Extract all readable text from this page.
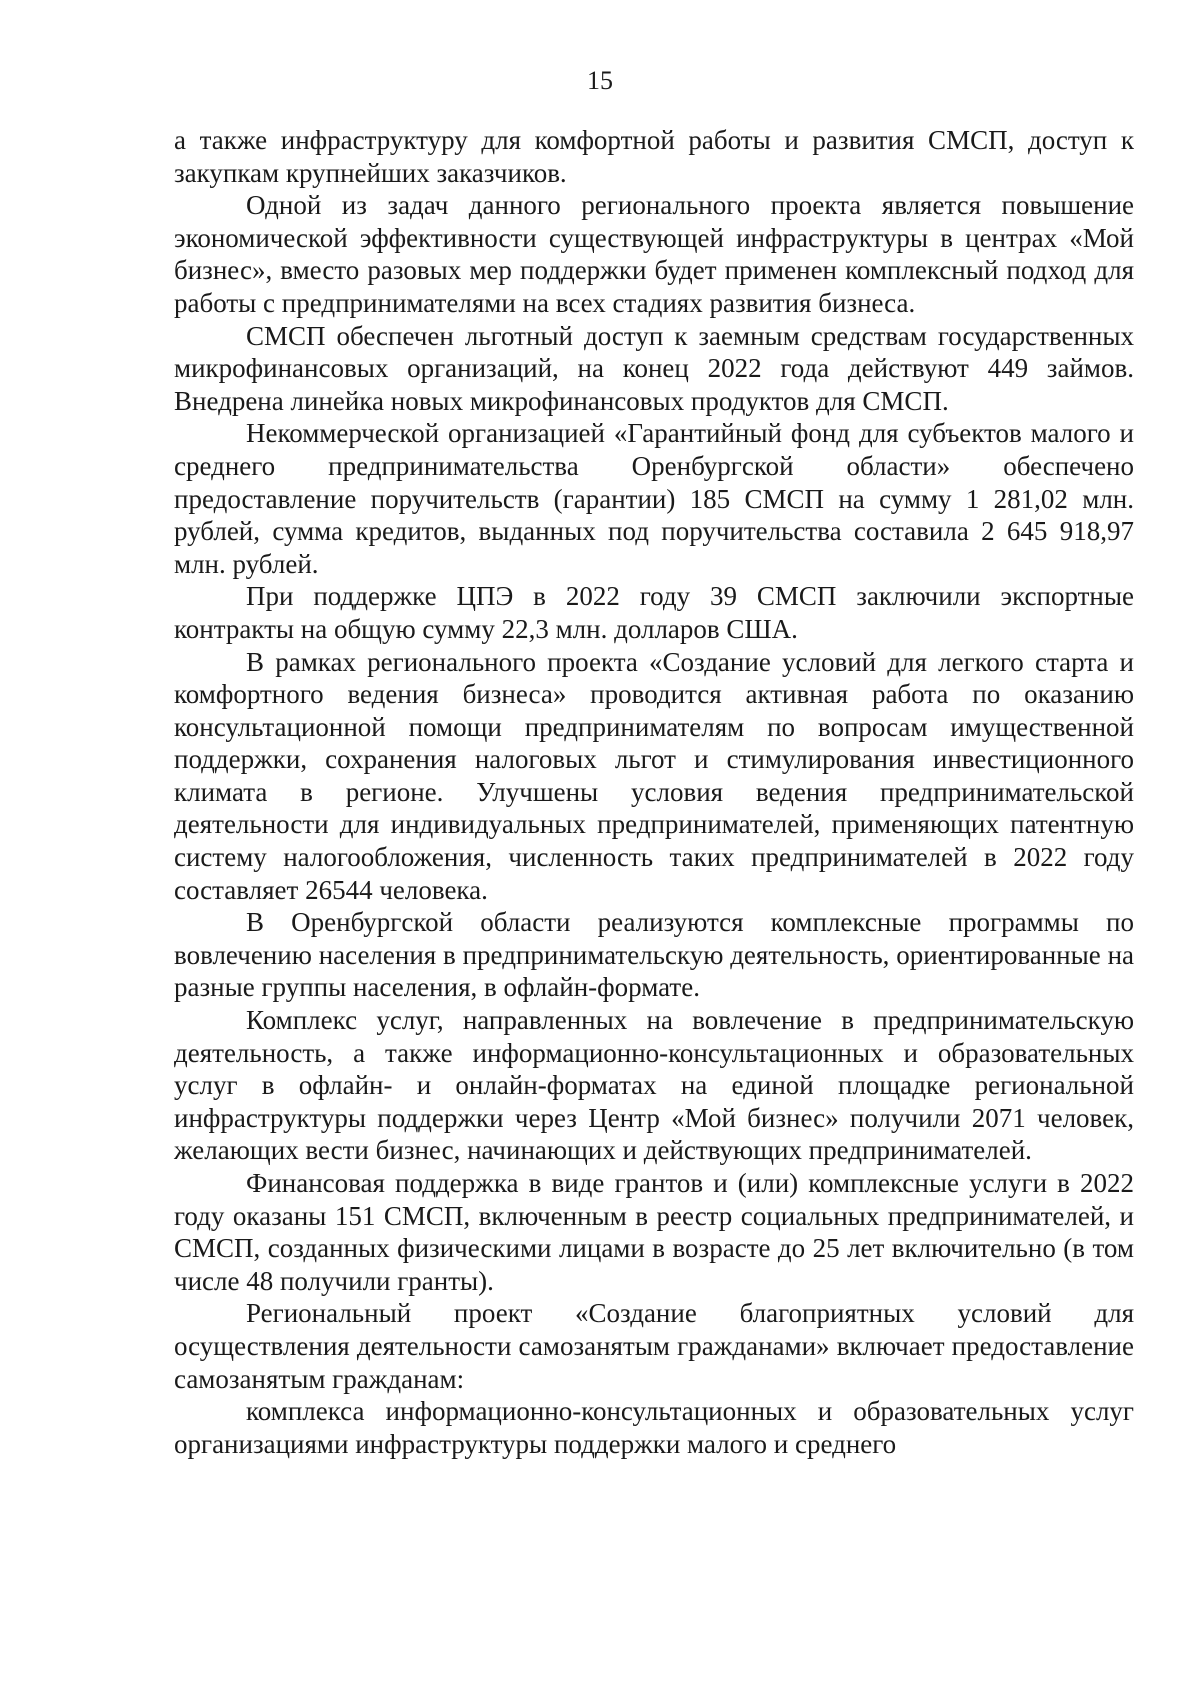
15

а также инфраструктуру для комфортной работы и развития СМСП, доступ к закупкам крупнейших заказчиков.

Одной из задач данного регионального проекта является повышение экономической эффективности существующей инфраструктуры в центрах «Мой бизнес», вместо разовых мер поддержки будет применен комплексный подход для работы с предпринимателями на всех стадиях развития бизнеса.

СМСП обеспечен льготный доступ к заемным средствам государственных микрофинансовых организаций, на конец 2022 года действуют 449 займов. Внедрена линейка новых микрофинансовых продуктов для СМСП.

Некоммерческой организацией «Гарантийный фонд для субъектов малого и среднего предпринимательства Оренбургской области» обеспечено предоставление поручительств (гарантии) 185 СМСП на сумму 1 281,02 млн. рублей, сумма кредитов, выданных под поручительства составила 2 645 918,97 млн. рублей.

При поддержке ЦПЭ в 2022 году 39 СМСП заключили экспортные контракты на общую сумму 22,3 млн. долларов США.

В рамках регионального проекта «Создание условий для легкого старта и комфортного ведения бизнеса» проводится активная работа по оказанию консультационной помощи предпринимателям по вопросам имущественной поддержки, сохранения налоговых льгот и стимулирования инвестиционного климата в регионе. Улучшены условия ведения предпринимательской деятельности для индивидуальных предпринимателей, применяющих патентную систему налогообложения, численность таких предпринимателей в 2022 году составляет 26544 человека.

В Оренбургской области реализуются комплексные программы по вовлечению населения в предпринимательскую деятельность, ориентированные на разные группы населения, в офлайн-формате.

Комплекс услуг, направленных на вовлечение в предпринимательскую деятельность, а также информационно-консультационных и образовательных услуг в офлайн- и онлайн-форматах на единой площадке региональной инфраструктуры поддержки через Центр «Мой бизнес» получили 2071 человек, желающих вести бизнес, начинающих и действующих предпринимателей.

Финансовая поддержка в виде грантов и (или) комплексные услуги в 2022 году оказаны 151 СМСП, включенным в реестр социальных предпринимателей, и СМСП, созданных физическими лицами в возрасте до 25 лет включительно (в том числе 48 получили гранты).

Региональный проект «Создание благоприятных условий для осуществления деятельности самозанятым гражданами» включает предоставление самозанятым гражданам:

комплекса информационно-консультационных и образовательных услуг организациями инфраструктуры поддержки малого и среднего
